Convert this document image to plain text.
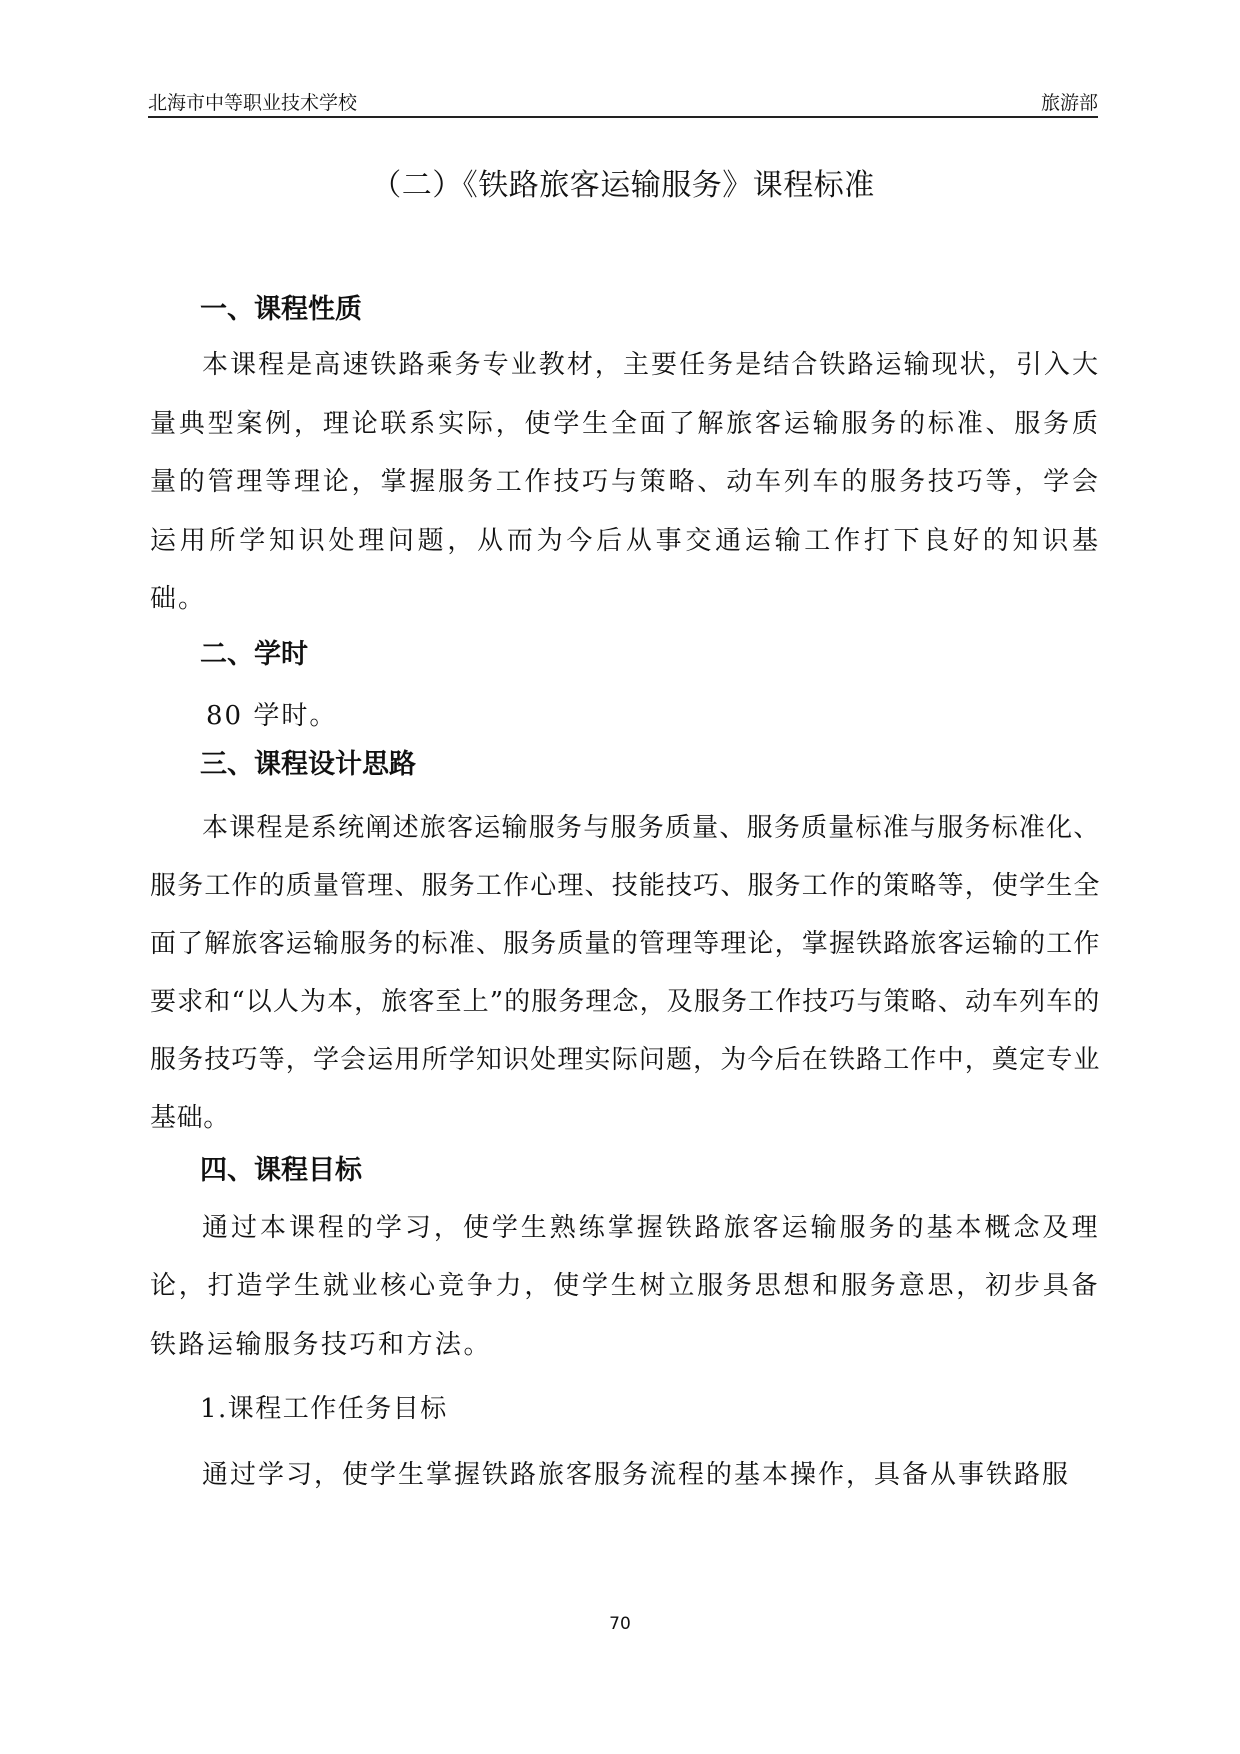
北海市中等职业技术学校	旅游部
（二）《铁路旅客运输服务》课程标准
一、课程性质

本课程是高速铁路乘务专业教材，主要任务是结合铁路运输现状，引入大量典型案例，理论联系实际，使学生全面了解旅客运输服务的标准、服务质量的管理等理论，掌握服务工作技巧与策略、动车列车的服务技巧等，学会运用所学知识处理问题，从而为今后从事交通运输工作打下良好的知识基础。

二、学时

80 学时。

三、课程设计思路

本课程是系统阐述旅客运输服务与服务质量、服务质量标准与服务标准化、服务工作的质量管理、服务工作心理、技能技巧、服务工作的策略等，使学生全面了解旅客运输服务的标准、服务质量的管理等理论，掌握铁路旅客运输的工作要求和“以人为本，旅客至上”的服务理念，及服务工作技巧与策略、动车列车的服务技巧等，学会运用所学知识处理实际问题，为今后在铁路工作中，奠定专业基础。

四、课程目标

通过本课程的学习，使学生熟练掌握铁路旅客运输服务的基本概念及理论，打造学生就业核心竞争力，使学生树立服务思想和服务意思，初步具备铁路运输服务技巧和方法。

1.课程工作任务目标

通过学习，使学生掌握铁路旅客服务流程的基本操作，具备从事铁路服

70
